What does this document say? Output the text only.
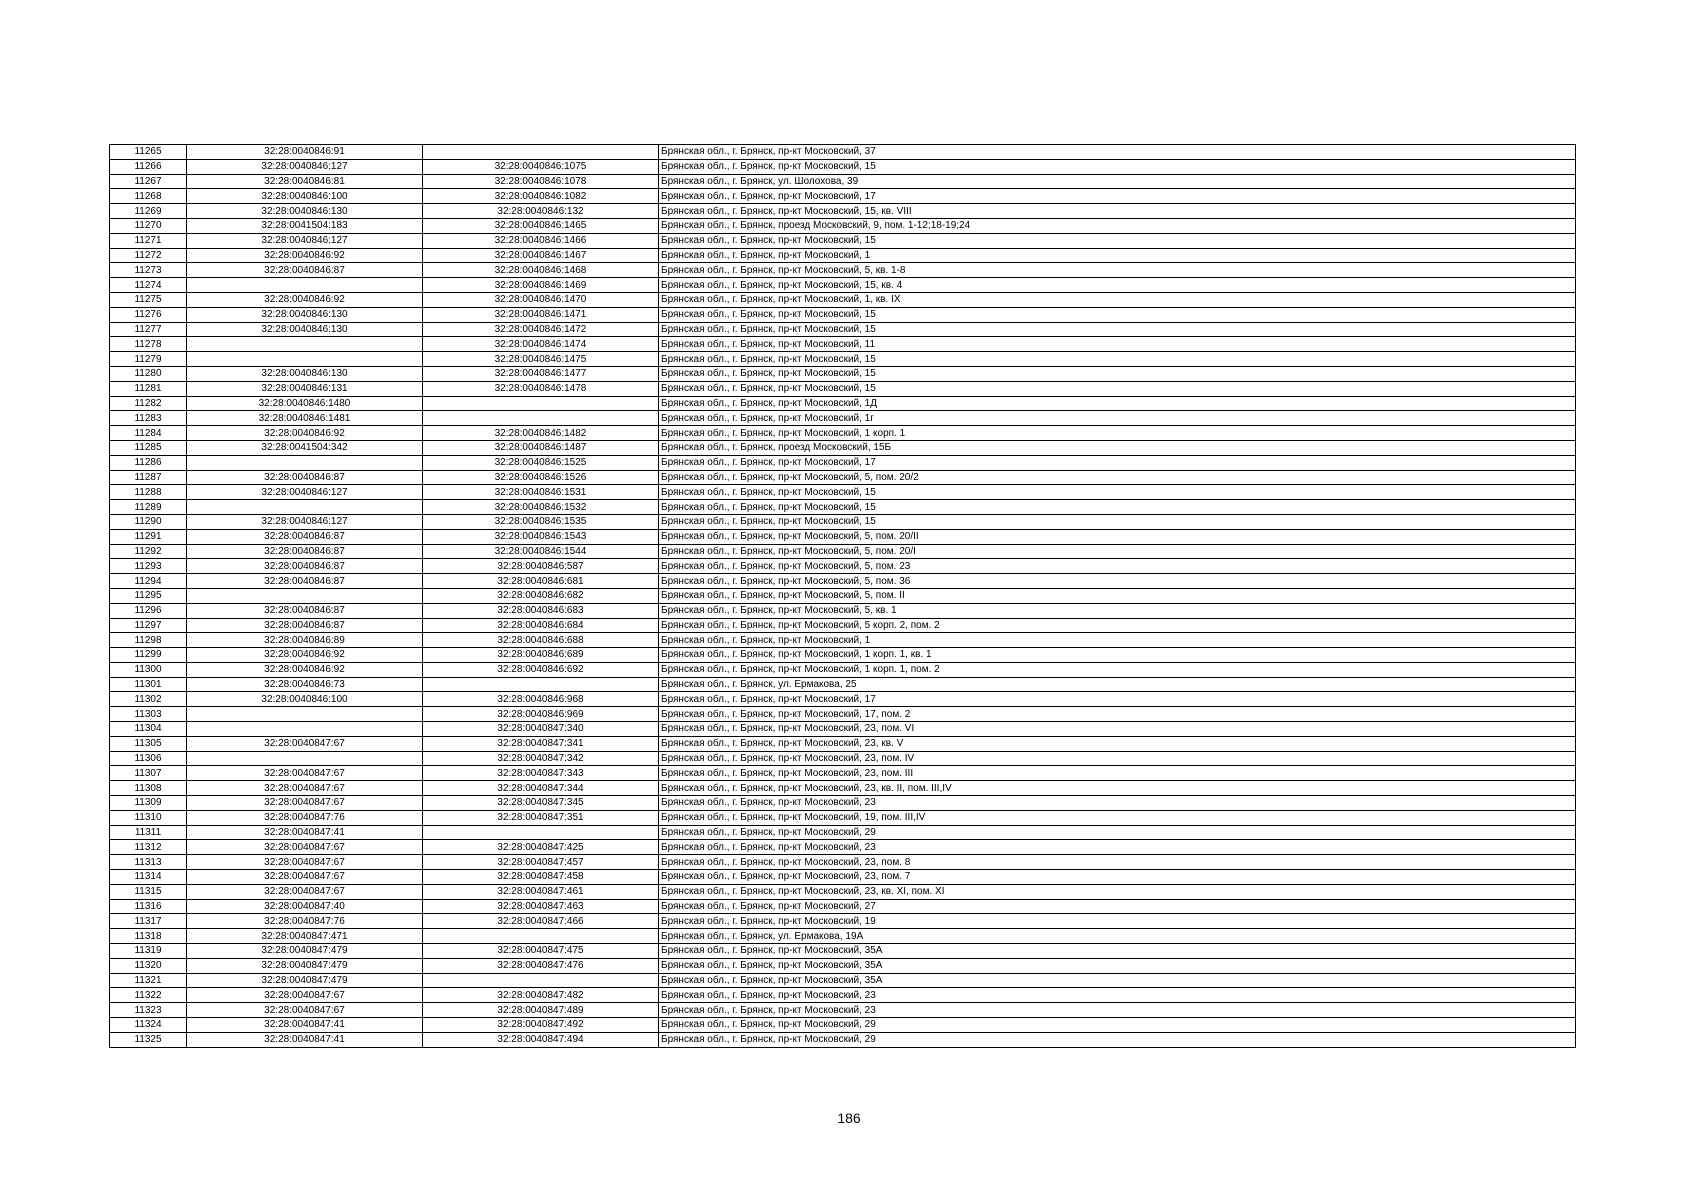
11265	32:28:0040846:91		Брянская обл., г. Брянск, пр-кт Московский, 37
11266	32:28:0040846:127	32:28:0040846:1075	Брянская обл., г. Брянск, пр-кт Московский, 15
11267	32:28:0040846:81	32:28:0040846:1078	Брянская обл., г. Брянск, ул. Шолохова, 39
11268	32:28:0040846:100	32:28:0040846:1082	Брянская обл., г. Брянск, пр-кт Московский, 17
11269	32:28:0040846:130	32:28:0040846:132	Брянская обл., г. Брянск, пр-кт Московский, 15, кв. VIII
11270	32:28:0041504:183	32:28:0040846:1465	Брянская обл., г. Брянск, проезд Московский, 9, пом. 1-12;18-19;24
11271	32:28:0040846:127	32:28:0040846:1466	Брянская обл., г. Брянск, пр-кт Московский, 15
11272	32:28:0040846:92	32:28:0040846:1467	Брянская обл., г. Брянск, пр-кт Московский, 1
11273	32:28:0040846:87	32:28:0040846:1468	Брянская обл., г. Брянск, пр-кт Московский, 5, кв. 1-8
11274		32:28:0040846:1469	Брянская обл., г. Брянск, пр-кт Московский, 15, кв. 4
11275	32:28:0040846:92	32:28:0040846:1470	Брянская обл., г. Брянск, пр-кт Московский, 1, кв. IX
11276	32:28:0040846:130	32:28:0040846:1471	Брянская обл., г. Брянск, пр-кт Московский, 15
11277	32:28:0040846:130	32:28:0040846:1472	Брянская обл., г. Брянск, пр-кт Московский, 15
11278		32:28:0040846:1474	Брянская обл., г. Брянск, пр-кт Московский, 11
11279		32:28:0040846:1475	Брянская обл., г. Брянск, пр-кт Московский, 15
11280	32:28:0040846:130	32:28:0040846:1477	Брянская обл., г. Брянск, пр-кт Московский, 15
11281	32:28:0040846:131	32:28:0040846:1478	Брянская обл., г. Брянск, пр-кт Московский, 15
11282	32:28:0040846:1480		Брянская обл., г. Брянск, пр-кт Московский, 1Д
11283	32:28:0040846:1481		Брянская обл., г. Брянск, пр-кт Московский, 1г
11284	32:28:0040846:92	32:28:0040846:1482	Брянская обл., г. Брянск, пр-кт Московский, 1 корп. 1
11285	32:28:0041504:342	32:28:0040846:1487	Брянская обл., г. Брянск, проезд Московский, 15Б
11286		32:28:0040846:1525	Брянская обл., г. Брянск, пр-кт Московский, 17
11287	32:28:0040846:87	32:28:0040846:1526	Брянская обл., г. Брянск, пр-кт Московский, 5, пом. 20/2
11288	32:28:0040846:127	32:28:0040846:1531	Брянская обл., г. Брянск, пр-кт Московский, 15
11289		32:28:0040846:1532	Брянская обл., г. Брянск, пр-кт Московский, 15
11290	32:28:0040846:127	32:28:0040846:1535	Брянская обл., г. Брянск, пр-кт Московский, 15
11291	32:28:0040846:87	32:28:0040846:1543	Брянская обл., г. Брянск, пр-кт Московский, 5, пом. 20/II
11292	32:28:0040846:87	32:28:0040846:1544	Брянская обл., г. Брянск, пр-кт Московский, 5, пом. 20/I
11293	32:28:0040846:87	32:28:0040846:587	Брянская обл., г. Брянск, пр-кт Московский, 5, пом. 23
11294	32:28:0040846:87	32:28:0040846:681	Брянская обл., г. Брянск, пр-кт Московский, 5, пом. 36
11295		32:28:0040846:682	Брянская обл., г. Брянск, пр-кт Московский, 5, пом. II
11296	32:28:0040846:87	32:28:0040846:683	Брянская обл., г. Брянск, пр-кт Московский, 5, кв. 1
11297	32:28:0040846:87	32:28:0040846:684	Брянская обл., г. Брянск, пр-кт Московский, 5 корп. 2, пом. 2
11298	32:28:0040846:89	32:28:0040846:688	Брянская обл., г. Брянск, пр-кт Московский, 1
11299	32:28:0040846:92	32:28:0040846:689	Брянская обл., г. Брянск, пр-кт Московский, 1 корп. 1, кв. 1
11300	32:28:0040846:92	32:28:0040846:692	Брянская обл., г. Брянск, пр-кт Московский, 1 корп. 1, пом. 2
11301	32:28:0040846:73		Брянская обл., г. Брянск, ул. Ермакова, 25
11302	32:28:0040846:100	32:28:0040846:968	Брянская обл., г. Брянск, пр-кт Московский, 17
11303		32:28:0040846:969	Брянская обл., г. Брянск, пр-кт Московский, 17, пом. 2
11304		32:28:0040847:340	Брянская обл., г. Брянск, пр-кт Московский, 23, пом. VI
11305	32:28:0040847:67	32:28:0040847:341	Брянская обл., г. Брянск, пр-кт Московский, 23, кв. V
11306		32:28:0040847:342	Брянская обл., г. Брянск, пр-кт Московский, 23, пом. IV
11307	32:28:0040847:67	32:28:0040847:343	Брянская обл., г. Брянск, пр-кт Московский, 23, пом. III
11308	32:28:0040847:67	32:28:0040847:344	Брянская обл., г. Брянск, пр-кт Московский, 23, кв. II, пом. III,IV
11309	32:28:0040847:67	32:28:0040847:345	Брянская обл., г. Брянск, пр-кт Московский, 23
11310	32:28:0040847:76	32:28:0040847:351	Брянская обл., г. Брянск, пр-кт Московский, 19, пом. III,IV
11311	32:28:0040847:41		Брянская обл., г. Брянск, пр-кт Московский, 29
11312	32:28:0040847:67	32:28:0040847:425	Брянская обл., г. Брянск, пр-кт Московский, 23
11313	32:28:0040847:67	32:28:0040847:457	Брянская обл., г. Брянск, пр-кт Московский, 23, пом. 8
11314	32:28:0040847:67	32:28:0040847:458	Брянская обл., г. Брянск, пр-кт Московский, 23, пом. 7
11315	32:28:0040847:67	32:28:0040847:461	Брянская обл., г. Брянск, пр-кт Московский, 23, кв. XI, пом. XI
11316	32:28:0040847:40	32:28:0040847:463	Брянская обл., г. Брянск, пр-кт Московский, 27
11317	32:28:0040847:76	32:28:0040847:466	Брянская обл., г. Брянск, пр-кт Московский, 19
11318	32:28:0040847:471		Брянская обл., г. Брянск, ул. Ермакова, 19А
11319	32:28:0040847:479	32:28:0040847:475	Брянская обл., г. Брянск, пр-кт Московский, 35А
11320	32:28:0040847:479	32:28:0040847:476	Брянская обл., г. Брянск, пр-кт Московский, 35А
11321	32:28:0040847:479		Брянская обл., г. Брянск, пр-кт Московский, 35А
11322	32:28:0040847:67	32:28:0040847:482	Брянская обл., г. Брянск, пр-кт Московский, 23
11323	32:28:0040847:67	32:28:0040847:489	Брянская обл., г. Брянск, пр-кт Московский, 23
11324	32:28:0040847:41	32:28:0040847:492	Брянская обл., г. Брянск, пр-кт Московский, 29
11325	32:28:0040847:41	32:28:0040847:494	Брянская обл., г. Брянск, пр-кт Московский, 29
186
